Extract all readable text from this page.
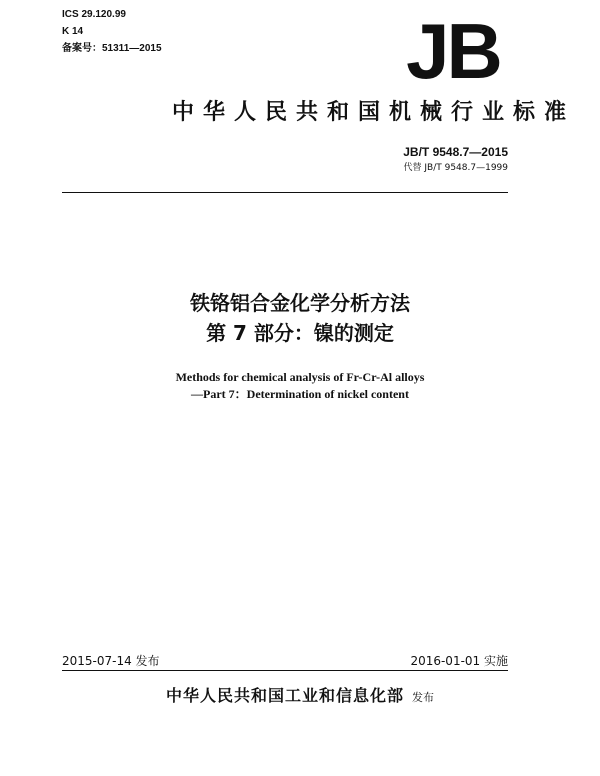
ICS 29.120.99
K 14
备案号：51311—2015	JB
中华人民共和国机械行业标准
JB/T 9548.7—2015
代替 JB/T 9548.7—1999
铁铬铝合金化学分析方法
第 7 部分：镍的测定
Methods for chemical analysis of Fr-Cr-Al alloys
—Part 7：Determination of nickel content
2015-07-14 发布	2016-01-01 实施
中华人民共和国工业和信息化部 发布
